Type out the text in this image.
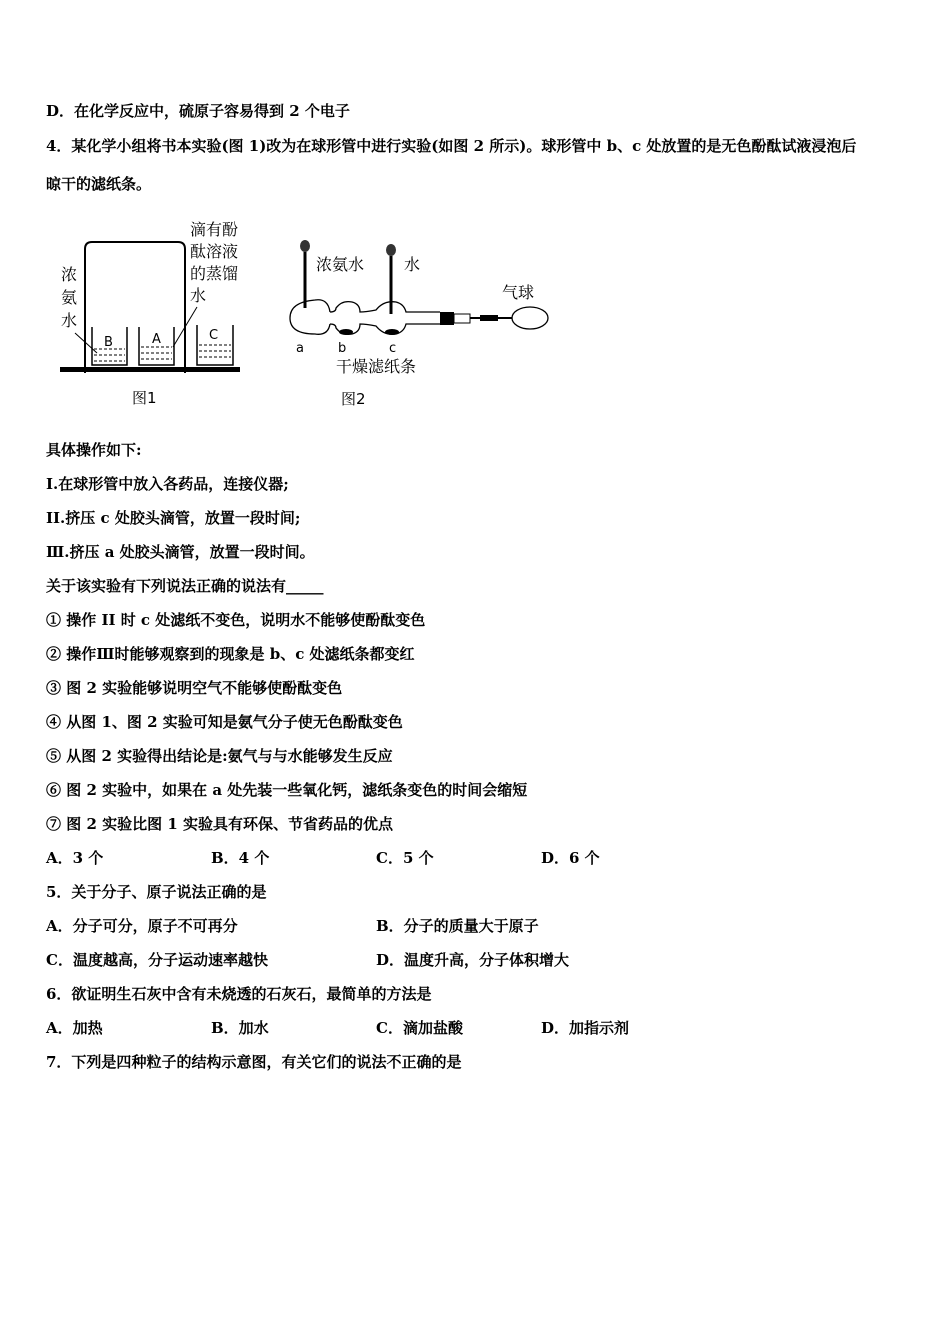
D．在化学反应中，硫原子容易得到 2 个电子
4．某化学小组将书本实验(图 1)改为在球形管中进行实验(如图 2 所示)。球形管中 b、c 处放置的是无色酚酞试液浸泡后
晾干的滤纸条。
B	A	C
浓 氨 水
滴有酚 酞溶液 的蒸馏 水
图1
浓氨水 水
气球
a	b	c
干燥滤纸条
图2
具体操作如下:
I.在球形管中放入各药品，连接仪器;
II.挤压 c 处胶头滴管，放置一段时间;
Ⅲ.挤压 a 处胶头滴管，放置一段时间。
关于该实验有下列说法正确的说法有_____
① 操作 II 时 c 处滤纸不变色，说明水不能够使酚酞变色
② 操作Ⅲ时能够观察到的现象是 b、c 处滤纸条都变红
③ 图 2 实验能够说明空气不能够使酚酞变色
④ 从图 1、图 2 实验可知是氨气分子使无色酚酞变色
⑤ 从图 2 实验得出结论是:氨气与与水能够发生反应
⑥ 图 2 实验中，如果在 a 处先装一些氧化钙，滤纸条变色的时间会缩短
⑦ 图 2 实验比图 1 实验具有环保、节省药品的优点
A．3 个	B．4 个	C．5 个	D．6 个
5．关于分子、原子说法正确的是
A．分子可分，原子不可再分	B．分子的质量大于原子
C．温度越高，分子运动速率越快	D．温度升高，分子体积增大
6．欲证明生石灰中含有未烧透的石灰石，最简单的方法是
A．加热	B．加水	C．滴加盐酸	D．加指示剂
7．下列是四种粒子的结构示意图，有关它们的说法不正确的是
